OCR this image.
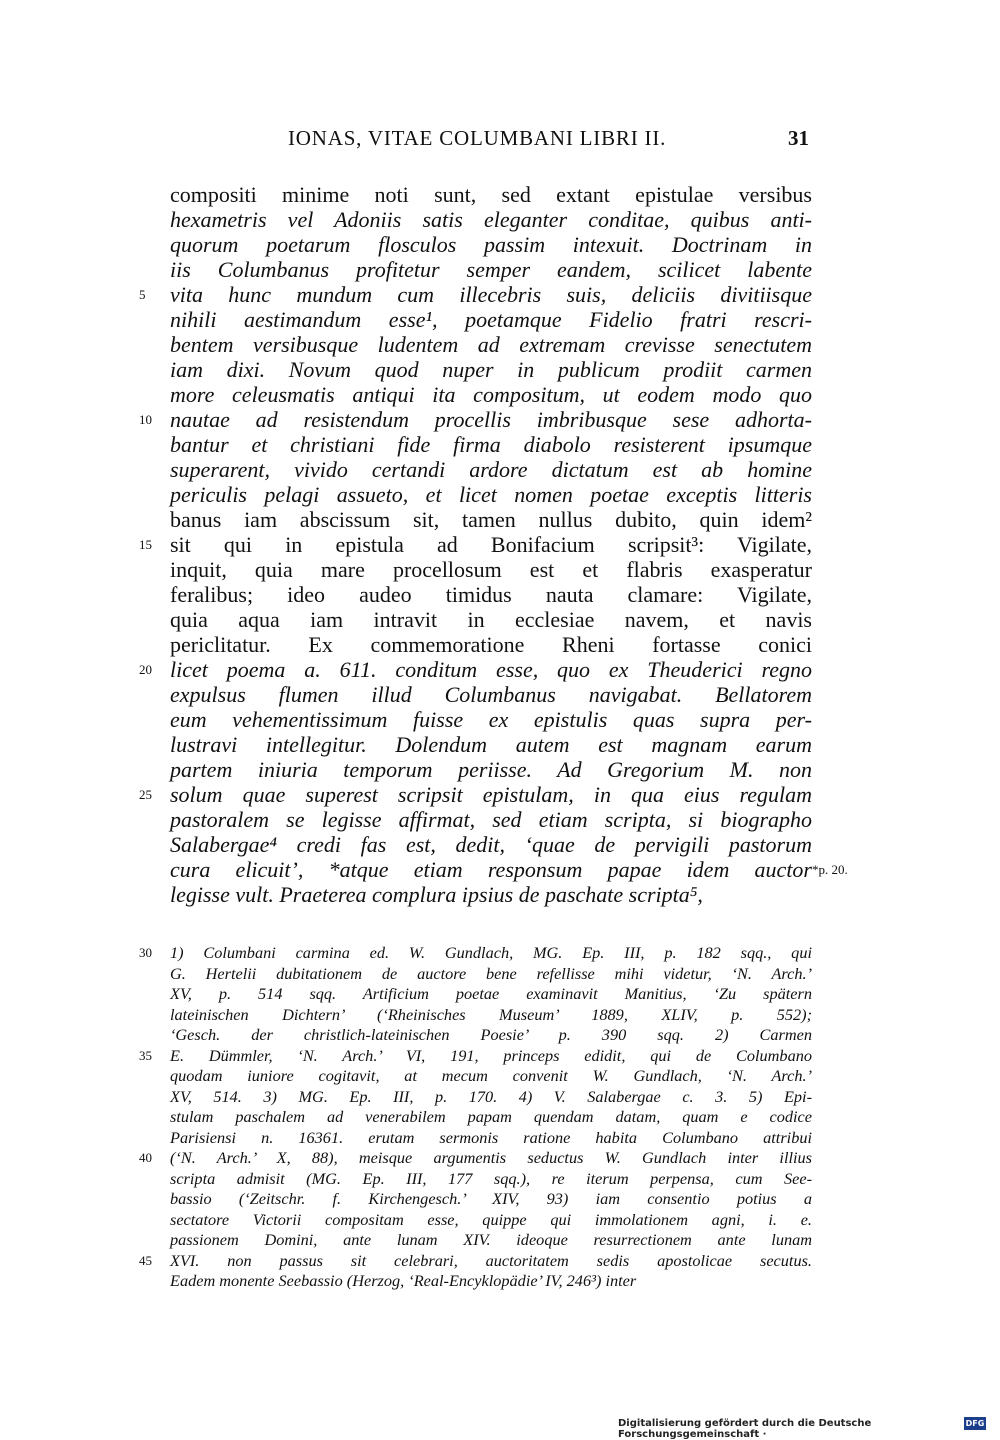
IONAS, VITAE COLUMBANI LIBRI II.	31
compositi minime noti sunt, sed extant epistulae versibus
hexametris vel Adoniis satis eleganter conditae, quibus anti-
quorum poetarum flosculos passim intexuit. Doctrinam in
iis Columbanus profitetur semper eandem, scilicet labente
vita hunc mundum cum illecebris suis, deliciis divitiisque
nihili aestimandum esse¹, poetamque Fidelio fratri rescri-
bentem versibusque ludentem ad extremam crevisse senectutem
iam dixi. Novum quod nuper in publicum prodiit carmen
more celeusmatis antiqui ita compositum, ut eodem modo quo
nautae ad resistendum procellis imbribusque sese adhorta-
bantur et christiani fide firma diabolo resisterent ipsumque
superarent, vivido certandi ardore dictatum est ab homine
periculis pelagi assueto, et licet nomen poetae exceptis litteris
banus iam abscissum sit, tamen nullus dubito, quin idem²
sit qui in epistula ad Bonifacium scripsit³: Vigilate,
inquit, quia mare procellosum est et flabris exasperatur
feralibus; ideo audeo timidus nauta clamare: Vigilate,
quia aqua iam intravit in ecclesiae navem, et navis
periclitatur. Ex commemoratione Rheni fortasse conici
licet poema a. 611. conditum esse, quo ex Theuderici regno
expulsus flumen illud Columbanus navigabat. Bellatorem
eum vehementissimum fuisse ex epistulis quas supra per-
lustravi intellegitur. Dolendum autem est magnam earum
partem iniuria temporum periisse. Ad Gregorium M. non
solum quae superest scripsit epistulam, in qua eius regulam
pastoralem se legisse affirmat, sed etiam scripta, si biographo
Salabergae⁴ credi fas est, dedit, ‘quae de pervigili pastorum
cura elicuit’, *atque etiam responsum papae idem auctor
legisse vult. Praeterea complura ipsius de paschate scripta⁵,
5
10
15
20
25
*p. 20.
1) Columbani carmina ed. W. Gundlach, MG. Ep. III, p. 182 sqq., qui
G. Hertelii dubitationem de auctore bene refellisse mihi videtur, ‘N. Arch.’
XV, p. 514 sqq. Artificium poetae examinavit Manitius, ‘Zu spätern
lateinischen Dichtern’ (‘Rheinisches Museum’ 1889, XLIV, p. 552);
‘Gesch. der christlich-lateinischen Poesie’ p. 390 sqq. 2) Carmen
E. Dümmler, ‘N. Arch.’ VI, 191, princeps edidit, qui de Columbano
quodam iuniore cogitavit, at mecum convenit W. Gundlach, ‘N. Arch.’
XV, 514. 3) MG. Ep. III, p. 170. 4) V. Salabergae c. 3. 5) Epi-
stulam paschalem ad venerabilem papam quendam datam, quam e codice
Parisiensi n. 16361. erutam sermonis ratione habita Columbano attribui
(‘N. Arch.’ X, 88), meisque argumentis seductus W. Gundlach inter illius
scripta admisit (MG. Ep. III, 177 sqq.), re iterum perpensa, cum See-
bassio (‘Zeitschr. f. Kirchengesch.’ XIV, 93) iam consentio potius a
sectatore Victorii compositam esse, quippe qui immolationem agni, i. e.
passionem Domini, ante lunam XIV. ideoque resurrectionem ante lunam
XVI. non passus sit celebrari, auctoritatem sedis apostolicae secutus.
Eadem monente Seebassio (Herzog, ‘Real-Encyklopädie’ IV, 246³) inter
30
35
40
45
Digitalisierung gefördert durch die Deutsche Forschungsgemeinschaft ·
DFG
